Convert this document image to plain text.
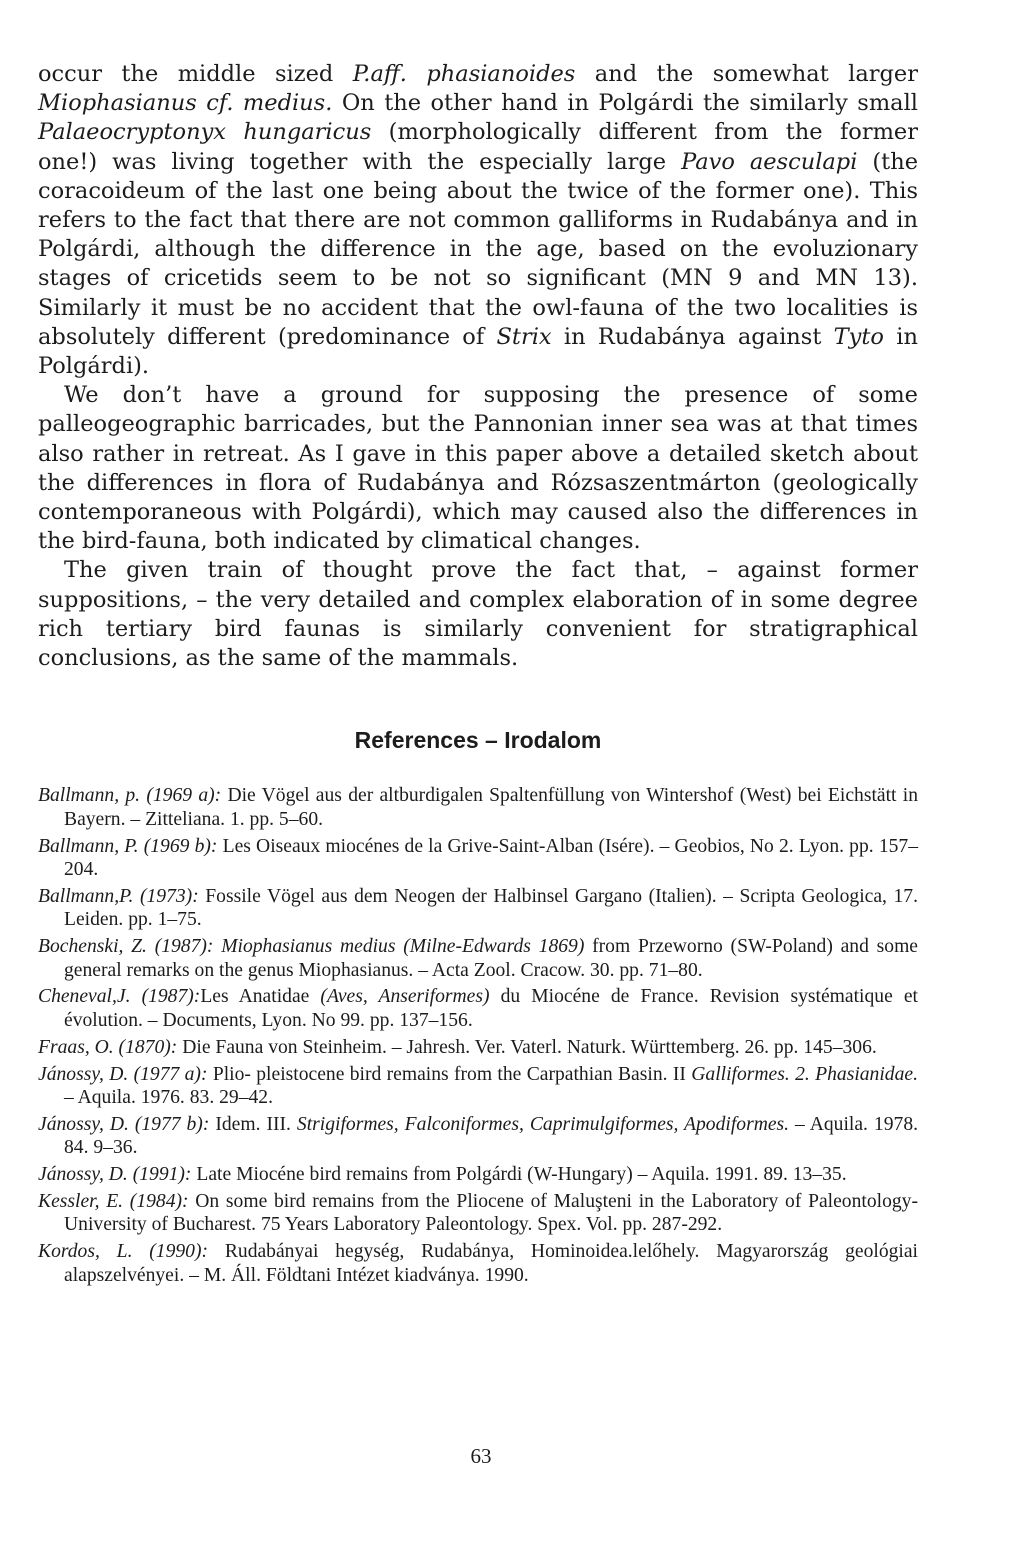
occur the middle sized P.aff. phasianoides and the somewhat larger Miophasianus cf. medius. On the other hand in Polgárdi the similarly small Palaeocryptonyx hungaricus (morphologically different from the former one!) was living together with the especially large Pavo aesculapi (the coracoideum of the last one being about the twice of the former one). This refers to the fact that there are not common galliforms in Rudabánya and in Polgárdi, although the difference in the age, based on the evoluzionary stages of cricetids seem to be not so significant (MN 9 and MN 13). Similarly it must be no accident that the owl-fauna of the two localities is absolutely different (predominance of Strix in Rudabánya against Tyto in Polgárdi).

We don’t have a ground for supposing the presence of some palleogeographic barricades, but the Pannonian inner sea was at that times also rather in retreat. As I gave in this paper above a detailed sketch about the differences in flora of Rudabánya and Rózsaszentmárton (geologically contemporaneous with Polgárdi), which may caused also the differences in the bird-fauna, both indicated by climatical changes.

The given train of thought prove the fact that, – against former suppositions, – the very detailed and complex elaboration of in some degree rich tertiary bird faunas is similarly convenient for stratigraphical conclusions, as the same of the mammals.

References – Irodalom

Ballmann, p. (1969 a): Die Vögel aus der altburdigalen Spaltenfüllung von Wintershof (West) bei Eichstätt in Bayern. – Zitteliana. 1. pp. 5–60.

Ballmann, P. (1969 b): Les Oiseaux miocénes de la Grive-Saint-Alban (Isére). – Geobios, No 2. Lyon. pp. 157–204.

Ballmann,P. (1973): Fossile Vögel aus dem Neogen der Halbinsel Gargano (Italien). – Scripta Geologica, 17. Leiden. pp. 1–75.

Bochenski, Z. (1987): Miophasianus medius (Milne-Edwards 1869) from Przeworno (SW-Poland) and some general remarks on the genus Miophasianus. – Acta Zool. Cracow. 30. pp. 71–80.

Cheneval,J. (1987):Les Anatidae (Aves, Anseriformes) du Miocéne de France. Revision systématique et évolution. – Documents, Lyon. No 99. pp. 137–156.

Fraas, O. (1870): Die Fauna von Steinheim. – Jahresh. Ver. Vaterl. Naturk. Württemberg. 26. pp. 145–306.

Jánossy, D. (1977 a): Plio- pleistocene bird remains from the Carpathian Basin. II Galliformes. 2. Phasianidae. – Aquila. 1976. 83. 29–42.

Jánossy, D. (1977 b): Idem. III. Strigiformes, Falconiformes, Caprimulgiformes, Apodiformes. – Aquila. 1978. 84. 9–36.

Jánossy, D. (1991): Late Miocéne bird remains from Polgárdi (W-Hungary) – Aquila. 1991. 89. 13–35.

Kessler, E. (1984): On some bird remains from the Pliocene of Maluşteni in the Laboratory of Paleontology-University of Bucharest. 75 Years Laboratory Paleontology. Spex. Vol. pp. 287-292.

Kordos, L. (1990): Rudabányai hegység, Rudabánya, Hominoidea.lelőhely. Magyarország geológiai alapszelvényei. – M. Áll. Földtani Intézet kiadványa. 1990.

63
